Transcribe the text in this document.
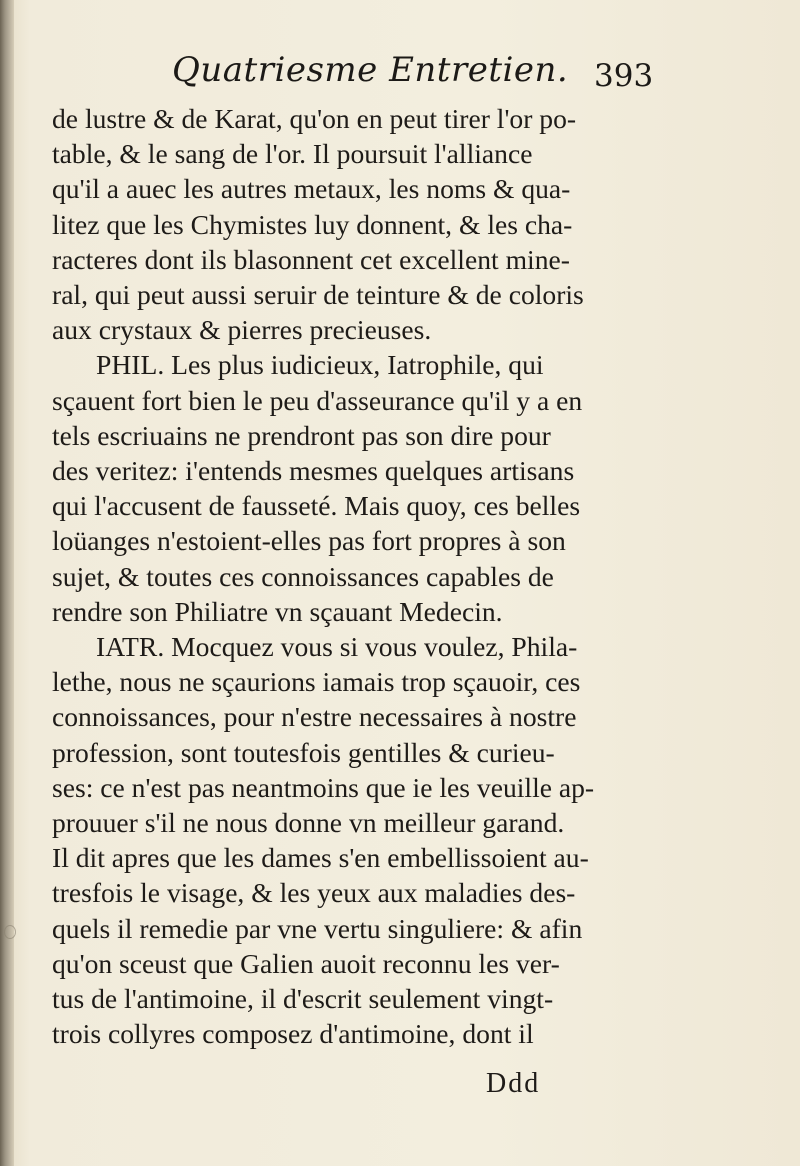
Quatriesme Entretien. 393
de lustre & de Karat, qu'on en peut tirer l'or po-
table, & le sang de l'or. Il poursuit l'alliance
qu'il a auec les autres metaux, les noms & qua-
litez que les Chymistes luy donnent, & les cha-
racteres dont ils blasonnent cet excellent mine-
ral, qui peut aussi seruir de teinture & de coloris
aux crystaux & pierres precieuses.
PHIL. Les plus iudicieux, Iatrophile, qui
sçauent fort bien le peu d'asseurance qu'il y a en
tels escriuains ne prendront pas son dire pour
des veritez: i'entends mesmes quelques artisans
qui l'accusent de fausseté. Mais quoy, ces belles
loüanges n'estoient-elles pas fort propres à son
sujet, & toutes ces connoissances capables de
rendre son Philiatre vn sçauant Medecin.
IATR. Mocquez vous si vous voulez, Phila-
lethe, nous ne sçaurions iamais trop sçauoir, ces
connoissances, pour n'estre necessaires à nostre
profession, sont toutesfois gentilles & curieu-
ses: ce n'est pas neantmoins que ie les veuille ap-
prouuer s'il ne nous donne vn meilleur garand.
Il dit apres que les dames s'en embellissoient au-
tresfois le visage, & les yeux aux maladies des-
quels il remedie par vne vertu singuliere: & afin
qu'on sceust que Galien auoit reconnu les ver-
tus de l'antimoine, il d'escrit seulement vingt-
trois collyres composez d'antimoine, dont il
Ddd
